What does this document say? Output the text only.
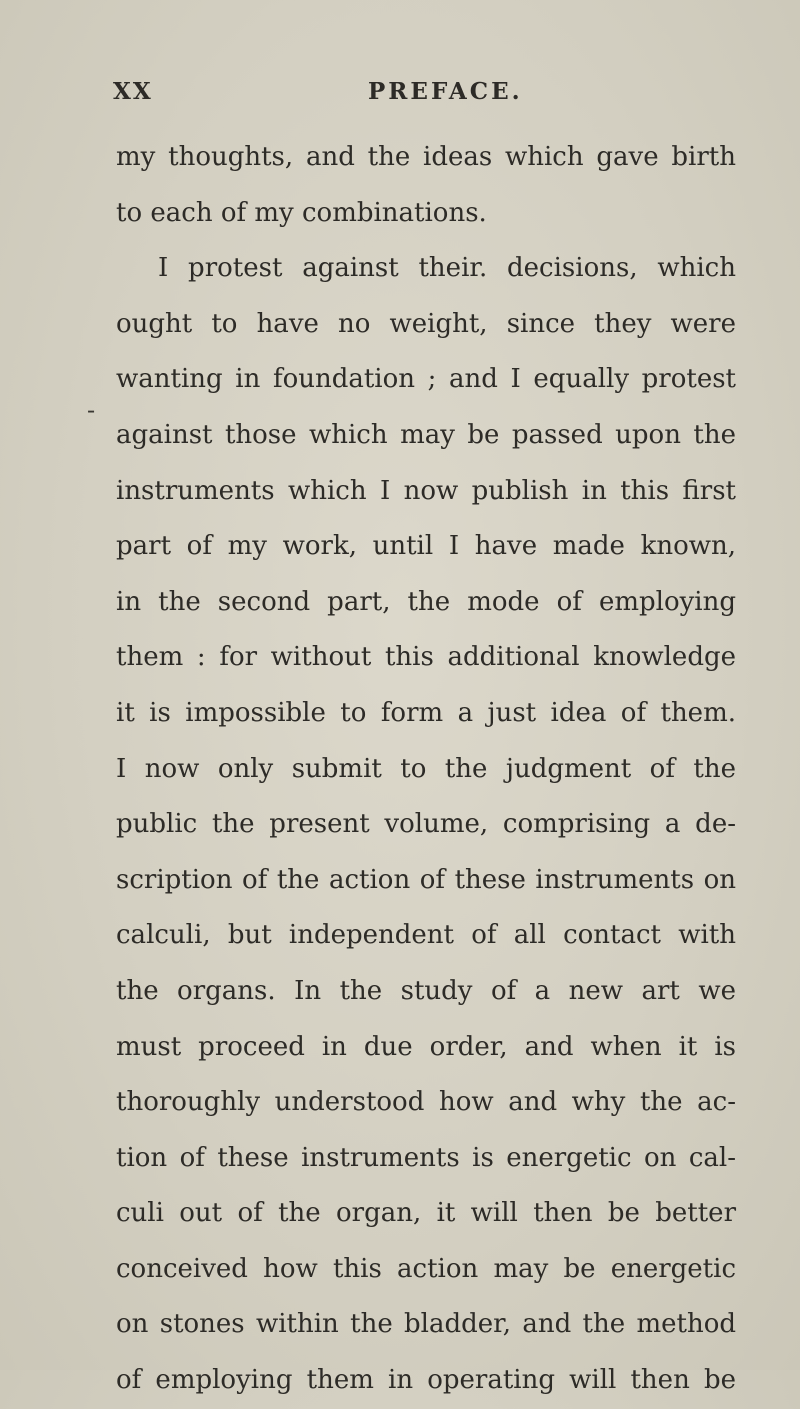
XX	PREFACE.
-
my thoughts, and the ideas which gave birth
to each of my combinations.
I protest against their. decisions, which
ought to have no weight, since they were
wanting in foundation ; and I equally protest
against those which may be passed upon the
instruments which I now publish in this first
part of my work, until I have made known,
in the second part, the mode of employing
them : for without this additional knowledge
it is impossible to form a just idea of them.
I now only submit to the judgment of the
public the present volume, comprising a de-
scription of the action of these instruments on
calculi, but independent of all contact with
the organs. In the study of a new art we
must proceed in due order, and when it is
thoroughly understood how and why the ac-
tion of these instruments is energetic on cal-
culi out of the organ, it will then be better
conceived how this action may be energetic
on stones within the bladder, and the method
of employing them in operating will then be
